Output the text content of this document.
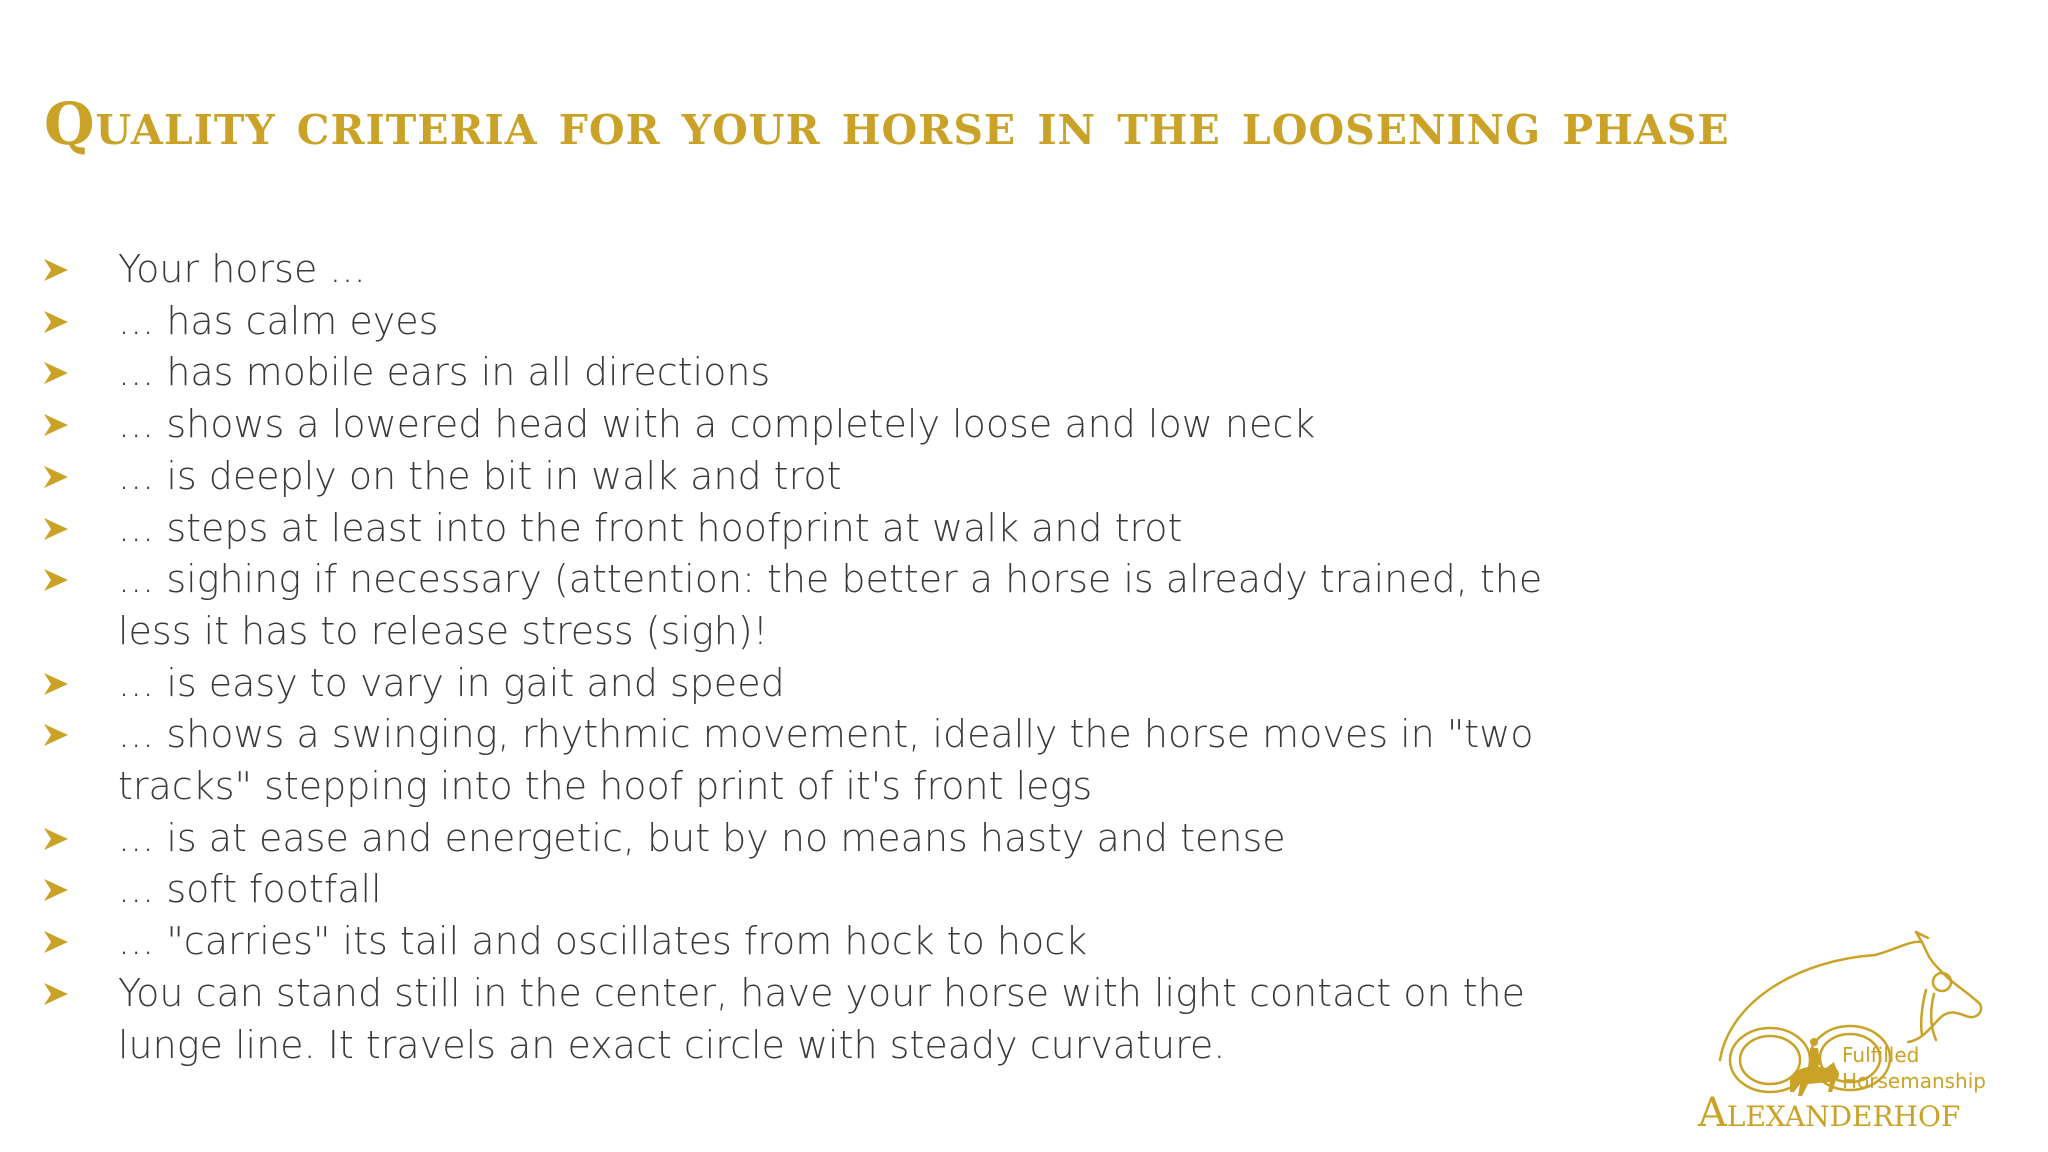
Quality criteria for your horse in the loosening phase
Your horse ...
... has calm eyes
... has mobile ears in all directions
... shows a lowered head with a completely loose and low neck
... is deeply on the bit in walk and trot
... steps at least into the front hoofprint at walk and trot
... sighing if necessary (attention: the better a horse is already trained, the less it has to release stress (sigh)!
... is easy to vary in gait and speed
... shows a swinging, rhythmic movement, ideally the horse moves in "two tracks" stepping into the hoof print of it's front legs
... is at ease and energetic, but by no means hasty and tense
... soft footfall
... "carries" its tail and oscillates from hock to hock
You can stand still in the center, have your horse with light contact on the lunge line. It travels an exact circle with steady curvature.	Fulfilled
Horsemanship
Alexanderhof
